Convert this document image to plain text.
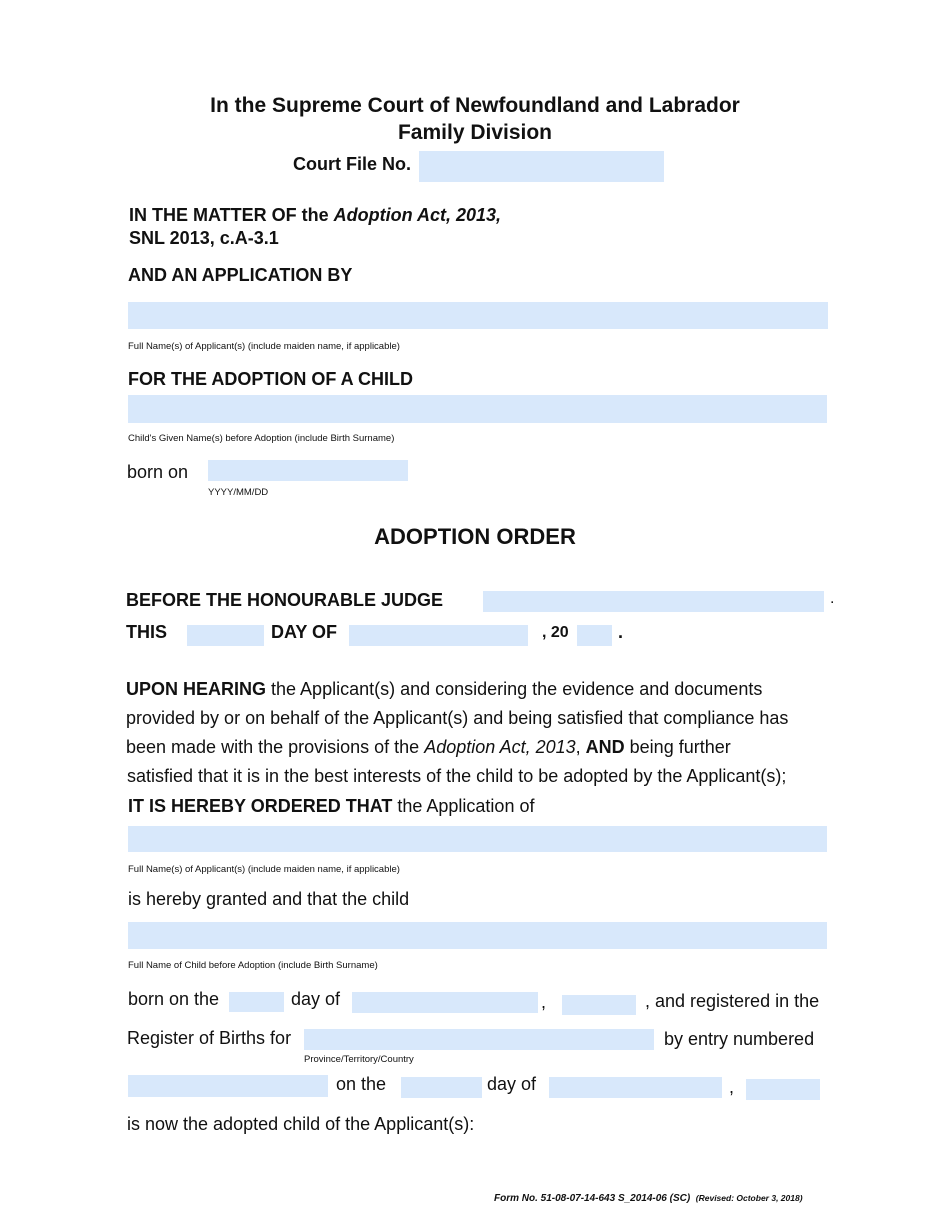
In the Supreme Court of Newfoundland and Labrador
Family Division
Court File No.
IN THE MATTER OF the Adoption Act, 2013,
SNL 2013, c.A-3.1
AND AN APPLICATION BY
Full Name(s) of Applicant(s) (include maiden name, if applicable)
FOR THE ADOPTION OF A CHILD
Child's Given Name(s) before Adoption (include Birth Surname)
born on
YYYY/MM/DD
ADOPTION ORDER
BEFORE THE HONOURABLE JUDGE	.
THIS	DAY OF	, 20	.
UPON HEARING the Applicant(s) and considering the evidence and documents
provided by or on behalf of the Applicant(s) and being satisfied that compliance has
been made with the provisions of the Adoption Act, 2013, AND being further
satisfied that it is in the best interests of the child to be adopted by the Applicant(s);
IT IS HEREBY ORDERED THAT the Application of
Full Name(s) of Applicant(s) (include maiden name, if applicable)
is hereby granted and that the child
Full Name of Child before Adoption (include Birth Surname)
born on the	day of	,	, and registered in the
Register of Births for	by entry numbered
Province/Territory/Country
on the	day of	,
is now the adopted child of the Applicant(s):
Form No. 51-08-07-14-643 S_2014-06 (SC) (Revised: October 3, 2018)
